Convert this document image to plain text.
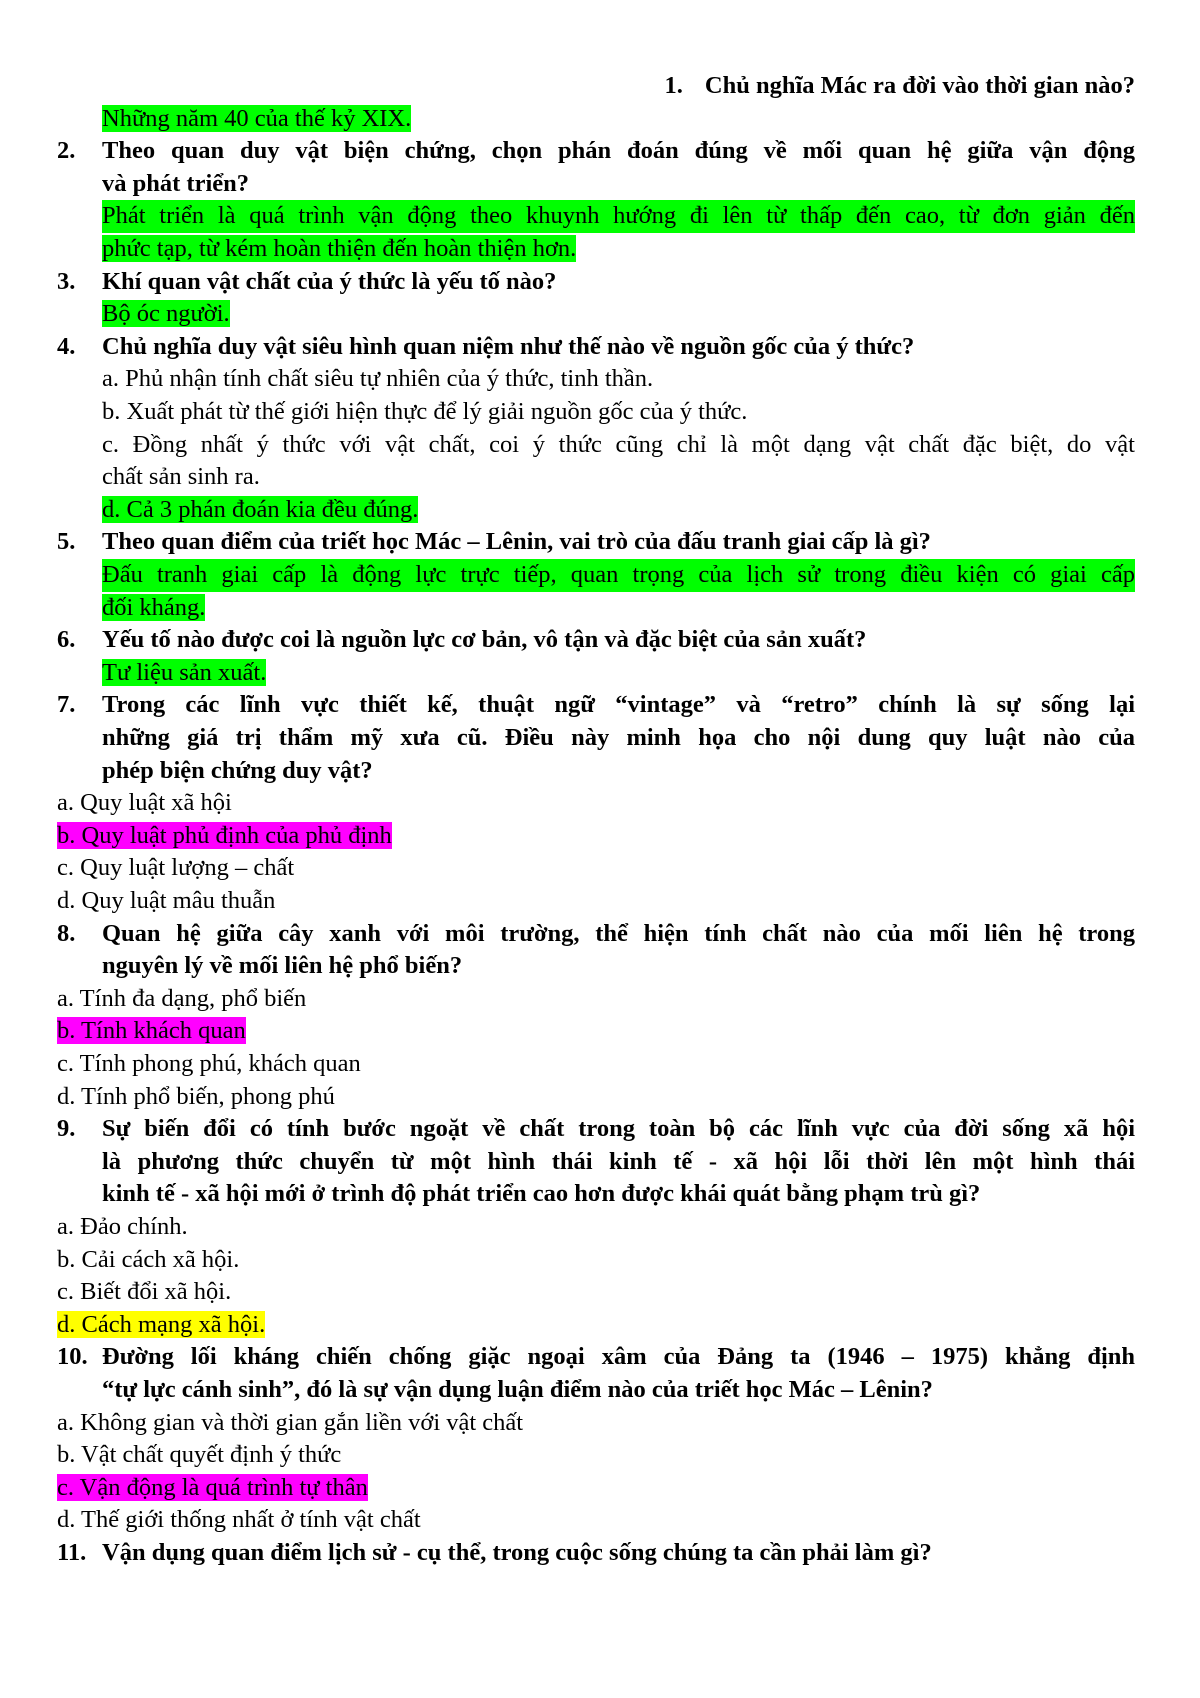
1. Chủ nghĩa Mác ra đời vào thời gian nào?
Những năm 40 của thế kỷ XIX.
2. Theo quan duy vật biện chứng, chọn phán đoán đúng về mối quan hệ giữa vận động
và phát triển?
Phát triển là quá trình vận động theo khuynh hướng đi lên từ thấp đến cao, từ đơn giản đến
phức tạp, từ kém hoàn thiện đến hoàn thiện hơn.
3. Khí quan vật chất của ý thức là yếu tố nào?
Bộ óc người.
4. Chủ nghĩa duy vật siêu hình quan niệm như thế nào về nguồn gốc của ý thức?
a. Phủ nhận tính chất siêu tự nhiên của ý thức, tinh thần.
b. Xuất phát từ thế giới hiện thực để lý giải nguồn gốc của ý thức.
c. Đồng nhất ý thức với vật chất, coi ý thức cũng chỉ là một dạng vật chất đặc biệt, do vật
chất sản sinh ra.
d. Cả 3 phán đoán kia đều đúng.
5. Theo quan điểm của triết học Mác – Lênin, vai trò của đấu tranh giai cấp là gì?
Đấu tranh giai cấp là động lực trực tiếp, quan trọng của lịch sử trong điều kiện có giai cấp
đối kháng.
6. Yếu tố nào được coi là nguồn lực cơ bản, vô tận và đặc biệt của sản xuất?
Tư liệu sản xuất.
7. Trong các lĩnh vực thiết kế, thuật ngữ “vintage” và “retro” chính là sự sống lại
những giá trị thẩm mỹ xưa cũ. Điều này minh họa cho nội dung quy luật nào của
phép biện chứng duy vật?
a. Quy luật xã hội
b. Quy luật phủ định của phủ định
c. Quy luật lượng – chất
d. Quy luật mâu thuẫn
8. Quan hệ giữa cây xanh với môi trường, thể hiện tính chất nào của mối liên hệ trong
nguyên lý về mối liên hệ phổ biến?
a. Tính đa dạng, phổ biến
b. Tính khách quan
c. Tính phong phú, khách quan
d. Tính phổ biến, phong phú
9. Sự biến đổi có tính bước ngoặt về chất trong toàn bộ các lĩnh vực của đời sống xã hội
là phương thức chuyển từ một hình thái kinh tế - xã hội lỗi thời lên một hình thái
kinh tế - xã hội mới ở trình độ phát triển cao hơn được khái quát bằng phạm trù gì?
a. Đảo chính.
b. Cải cách xã hội.
c. Biết đổi xã hội.
d. Cách mạng xã hội.
10. Đường lối kháng chiến chống giặc ngoại xâm của Đảng ta (1946 – 1975) khẳng định
“tự lực cánh sinh”, đó là sự vận dụng luận điểm nào của triết học Mác – Lênin?
a. Không gian và thời gian gắn liền với vật chất
b. Vật chất quyết định ý thức
c. Vận động là quá trình tự thân
d. Thế giới thống nhất ở tính vật chất
11. Vận dụng quan điểm lịch sử - cụ thể, trong cuộc sống chúng ta cần phải làm gì?
